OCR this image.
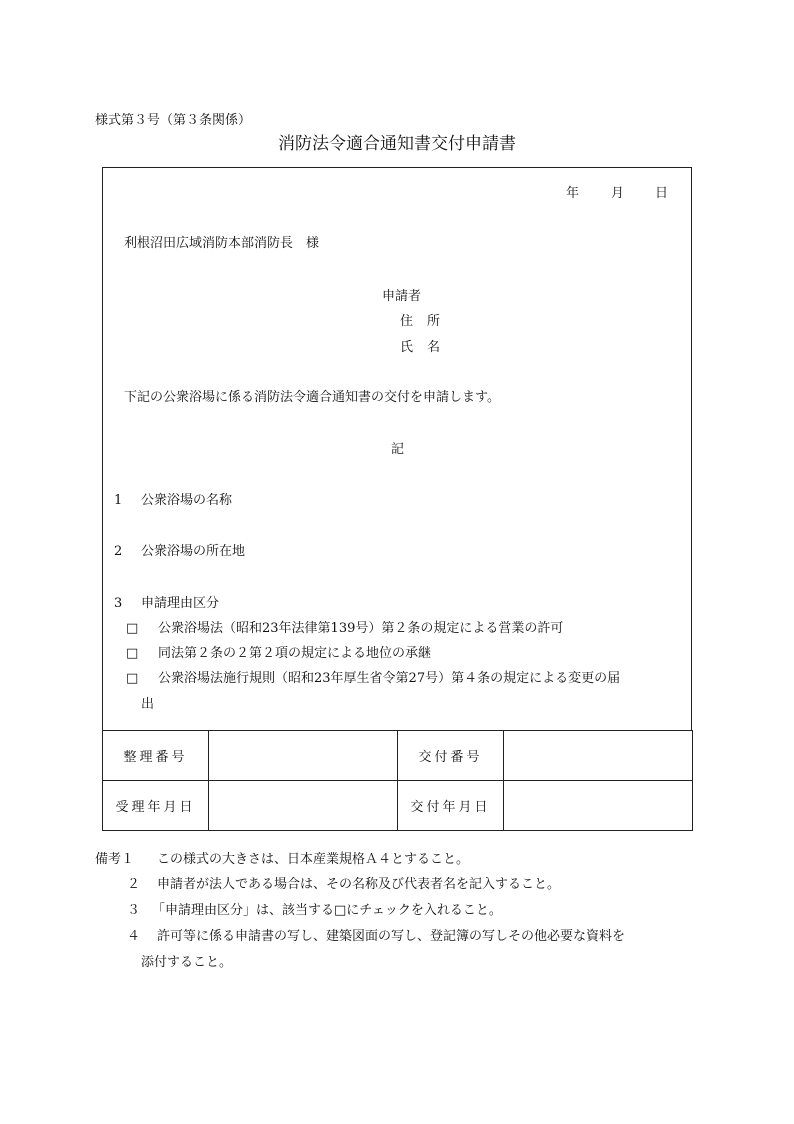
様式第３号（第３条関係）
消防法令適合通知書交付申請書
年 月 日
利根沼田広域消防本部消防長　様
申請者
住 所
氏 名
下記の公衆浴場に係る消防法令適合通知書の交付を申請します。
記
1 公衆浴場の名称
2 公衆浴場の所在地
3 申請理由区分
□ 公衆浴場法（昭和23年法律第139号）第２条の規定による営業の許可
□ 同法第２条の２第２項の規定による地位の承継
□ 公衆浴場法施行規則（昭和23年厚生省令第27号）第４条の規定による変更の届
出
整理番号		交付番号	
受理年月日		交付年月日	
備考１ この様式の大きさは、日本産業規格Ａ４とすること。
２ 申請者が法人である場合は、その名称及び代表者名を記入すること。
３ 「申請理由区分」は、該当する□にチェックを入れること。
４ 許可等に係る申請書の写し、建築図面の写し、登記簿の写しその他必要な資料を
添付すること。
